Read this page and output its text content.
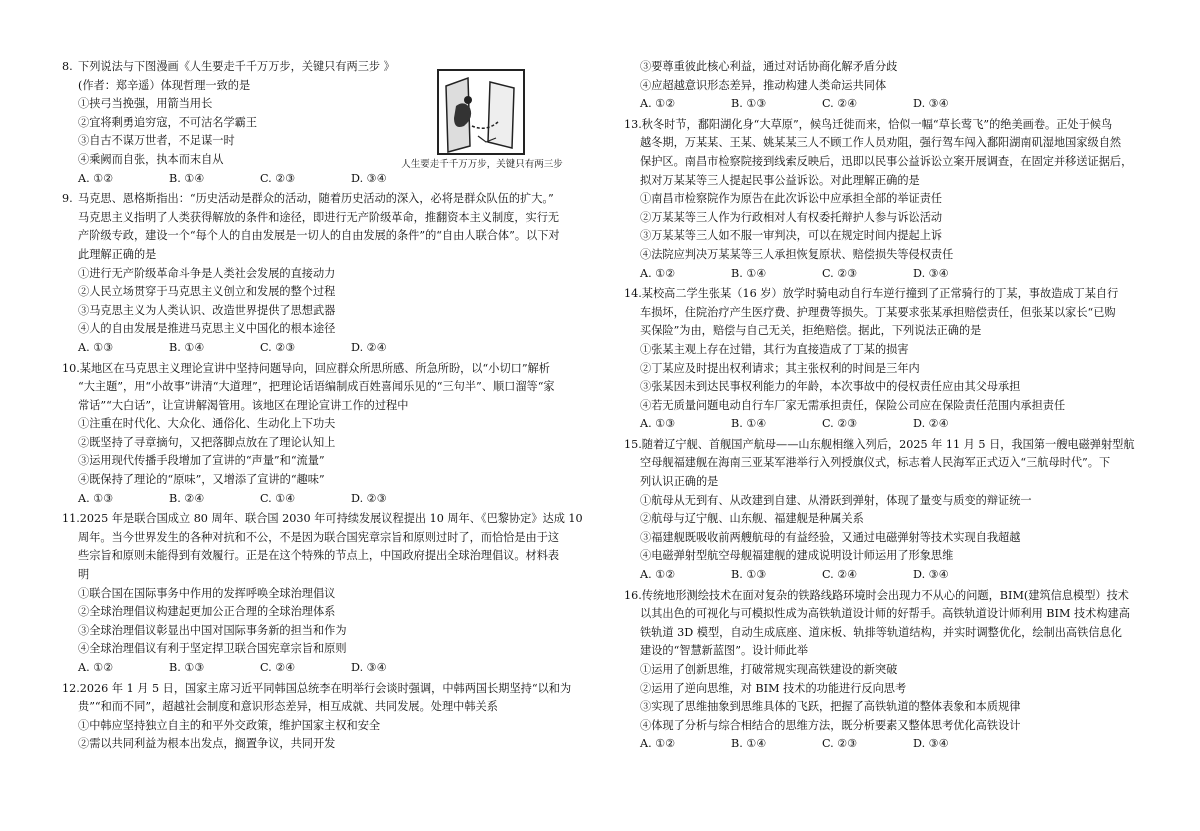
8. 下列说法与下图漫画《人生要走千千万万步，关键只有两三步 》
(作者：郑辛遥）体现哲理一致的是
①挟弓当挽强，用箭当用长
②宜将剩勇追穷寇，不可沽名学霸王
③自古不谋万世者，不足谋一时
④乘阙而自张，执本而末自从
A. ①②	B. ①④	C. ②③	D. ③④
9. 马克思、恩格斯指出：“历史活动是群众的活动，随着历史活动的深入，必将是群众队伍的扩大。”
马克思主义指明了人类获得解放的条件和途径，即进行无产阶级革命，推翻资本主义制度，实行无
产阶级专政，建设一个“每个人的自由发展是一切人的自由发展的条件”的“自由人联合体”。以下对
此理解正确的是
①进行无产阶级革命斗争是人类社会发展的直接动力
②人民立场贯穿于马克思主义创立和发展的整个过程
③马克思主义为人类认识、改造世界提供了思想武器
④人的自由发展是推进马克思主义中国化的根本途径
A. ①③	B. ①④	C. ②③	D. ②④
10.某地区在马克思主义理论宣讲中坚持问题导向，回应群众所思所感、所急所盼，以“小切口”解析
“大主题”，用“小故事”讲清“大道理”，把理论话语编制成百姓喜闻乐见的“三句半”、顺口溜等“家
常话”“大白话”，让宣讲解渴管用。该地区在理论宣讲工作的过程中
①注重在时代化、大众化、通俗化、生动化上下功夫
②既坚持了寻章摘句，又把落脚点放在了理论认知上
③运用现代传播手段增加了宣讲的“声量”和“流量”
④既保持了理论的“原味”，又增添了宣讲的“趣味”
A. ①③	B. ②④	C. ①④	D. ②③
11.2025 年是联合国成立 80 周年、联合国 2030 年可持续发展议程提出 10 周年、《巴黎协定》达成 10
周年。当今世界发生的各种对抗和不公，不是因为联合国宪章宗旨和原则过时了，而恰恰是由于这
些宗旨和原则未能得到有效履行。正是在这个特殊的节点上，中国政府提出全球治理倡议。材料表
明
①联合国在国际事务中作用的发挥呼唤全球治理倡议
②全球治理倡议构建起更加公正合理的全球治理体系
③全球治理倡议彰显出中国对国际事务新的担当和作为
④全球治理倡议有利于坚定捍卫联合国宪章宗旨和原则
A. ①②	B. ①③	C. ②④	D. ③④
12.2026 年 1 月 5 日，国家主席习近平同韩国总统李在明举行会谈时强调，中韩两国长期坚持“以和为
贵”“和而不同”，超越社会制度和意识形态差异，相互成就、共同发展。处理中韩关系
①中韩应坚持独立自主的和平外交政策，维护国家主权和安全
②需以共同利益为根本出发点，搁置争议，共同开发
③要尊重彼此核心利益，通过对话协商化解矛盾分歧
④应超越意识形态差异，推动构建人类命运共同体
A. ①②	B. ①③	C. ②④	D. ③④
13.秋冬时节，鄱阳湖化身“大草原”，候鸟迁徙而来，恰似一幅“草长莺飞”的绝美画卷。正处于候鸟
越冬期，万某某、王某、姚某某三人不顾工作人员劝阻，强行驾车闯入鄱阳湖南矶湿地国家级自然
保护区。南昌市检察院接到线索反映后，迅即以民事公益诉讼立案开展调查，在固定并移送证据后，
拟对万某某等三人提起民事公益诉讼。对此理解正确的是
①南昌市检察院作为原告在此次诉讼中应承担全部的举证责任
②万某某等三人作为行政相对人有权委托辩护人参与诉讼活动
③万某某等三人如不服一审判决，可以在规定时间内提起上诉
④法院应判决万某某等三人承担恢复原状、赔偿损失等侵权责任
A. ①②	B. ①④	C. ②③	D. ③④
14.某校高二学生张某（16 岁）放学时骑电动自行车逆行撞到了正常骑行的丁某，事故造成丁某自行
车损坏，住院治疗产生医疗费、护理费等损失。丁某要求张某承担赔偿责任，但张某以家长“已购
买保险”为由，赔偿与自己无关，拒绝赔偿。据此，下列说法正确的是
①张某主观上存在过错，其行为直接造成了丁某的损害
②丁某应及时提出权利请求；其主张权利的时间是三年内
③张某因未到达民事权利能力的年龄，本次事故中的侵权责任应由其父母承担
④若无质量问题电动自行车厂家无需承担责任，保险公司应在保险责任范围内承担责任
A. ①③	B. ①④	C. ②③	D. ②④
15.随着辽宁舰、首舰国产航母——山东舰相继入列后，2025 年 11 月 5 日，我国第一艘电磁弹射型航
空母舰福建舰在海南三亚某军港举行入列授旗仪式，标志着人民海军正式迈入“三航母时代”。下
列认识正确的是
①航母从无到有、从改建到自建、从滑跃到弹射，体现了量变与质变的辩证统一
②航母与辽宁舰、山东舰、福建舰是种属关系
③福建舰既吸收前两艘航母的有益经验，又通过电磁弹射等技术实现自我超越
④电磁弹射型航空母舰福建舰的建成说明设计师运用了形象思维
A. ①②	B. ①③	C. ②④	D. ③④
16.传统地形测绘技术在面对复杂的铁路线路环境时会出现力不从心的问题，BIM(建筑信息模型）技术
以其出色的可视化与可模拟性成为高铁轨道设计师的好帮手。高铁轨道设计师利用 BIM 技术构建高
铁轨道 3D 模型，自动生成底座、道床板、轨排等轨道结构，并实时调整优化，绘制出高铁信息化
建设的“智慧新蓝图”。设计师此举
①运用了创新思维，打破常规实现高铁建设的新突破
②运用了逆向思维，对 BIM 技术的功能进行反向思考
③实现了思维抽象到思维具体的飞跃，把握了高铁轨道的整体表象和本质规律
④体现了分析与综合相结合的思维方法，既分析要素又整体思考优化高铁设计
A. ①②	B. ①④	C. ②③	D. ③④
人生要走千千万万步，关键只有两三步
